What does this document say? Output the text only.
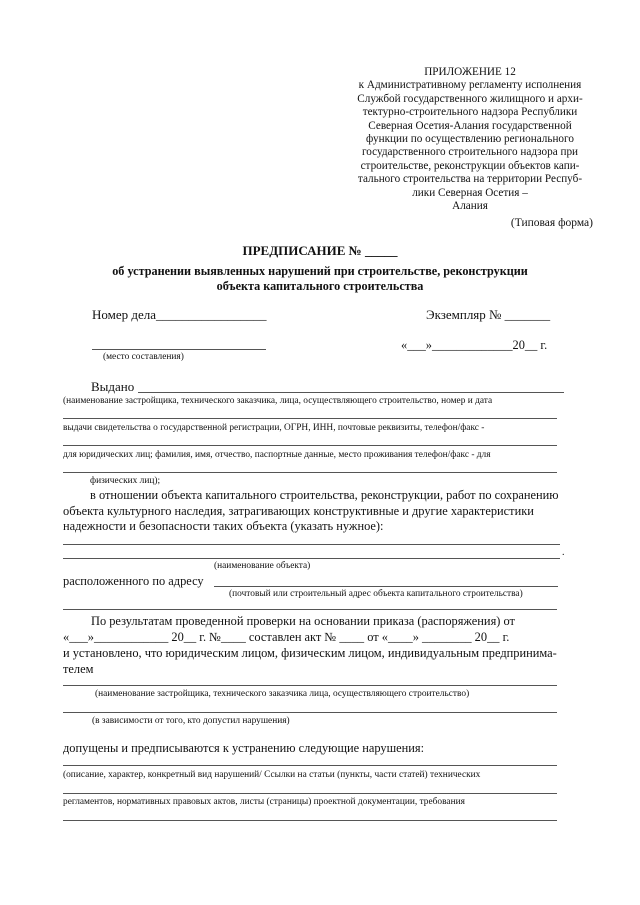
ПРИЛОЖЕНИЕ 12
к Административному регламенту исполнения
Службой государственного жилищного и архи-
тектурно-строительного надзора Республики
Северная Осетия-Алания государственной
функции по осуществлению регионального
государственного строительного надзора при
строительстве, реконструкции объектов капи-
тального строительства на территории Респуб-
лики Северная Осетия –
Алания
(Типовая форма)
ПРЕДПИСАНИЕ № _____
об устранении выявленных нарушений при строительстве, реконструкции
объекта капитального строительства
Номер дела_________________	Экземпляр № _______
(место составления)
«___»_____________20__ г.
Выдано
(наименование застройщика, технического заказчика, лица, осуществляющего строительство, номер и дата
выдачи свидетельства о государственной регистрации, ОГРН, ИНН, почтовые реквизиты, телефон/факс -
для юридических лиц; фамилия, имя, отчество, паспортные данные, место проживания телефон/факс - для
физических лиц);
в отношении объекта капитального строительства, реконструкции, работ по сохранению
объекта культурного наследия, затрагивающих конструктивные и другие характеристики
надежности и безопасности таких объекта (указать нужное):
.
(наименование объекта)
расположенного по адресу
(почтовый или строительный адрес объекта капитального строительства)
По результатам проведенной проверки на основании приказа (распоряжения) от
«___»____________ 20__ г. №____ составлен акт № ____ от «____» ________ 20__ г.
и установлено, что юридическим лицом, физическим лицом, индивидуальным предпринима-
телем
(наименование застройщика, технического заказчика лица, осуществляющего строительство)
(в зависимости от того, кто допустил нарушения)
допущены и предписываются к устранению следующие нарушения:
(описание, характер, конкретный вид нарушений/ Ссылки на статьи (пункты, части статей) технических
регламентов, нормативных правовых актов, листы (страницы) проектной документации, требования
